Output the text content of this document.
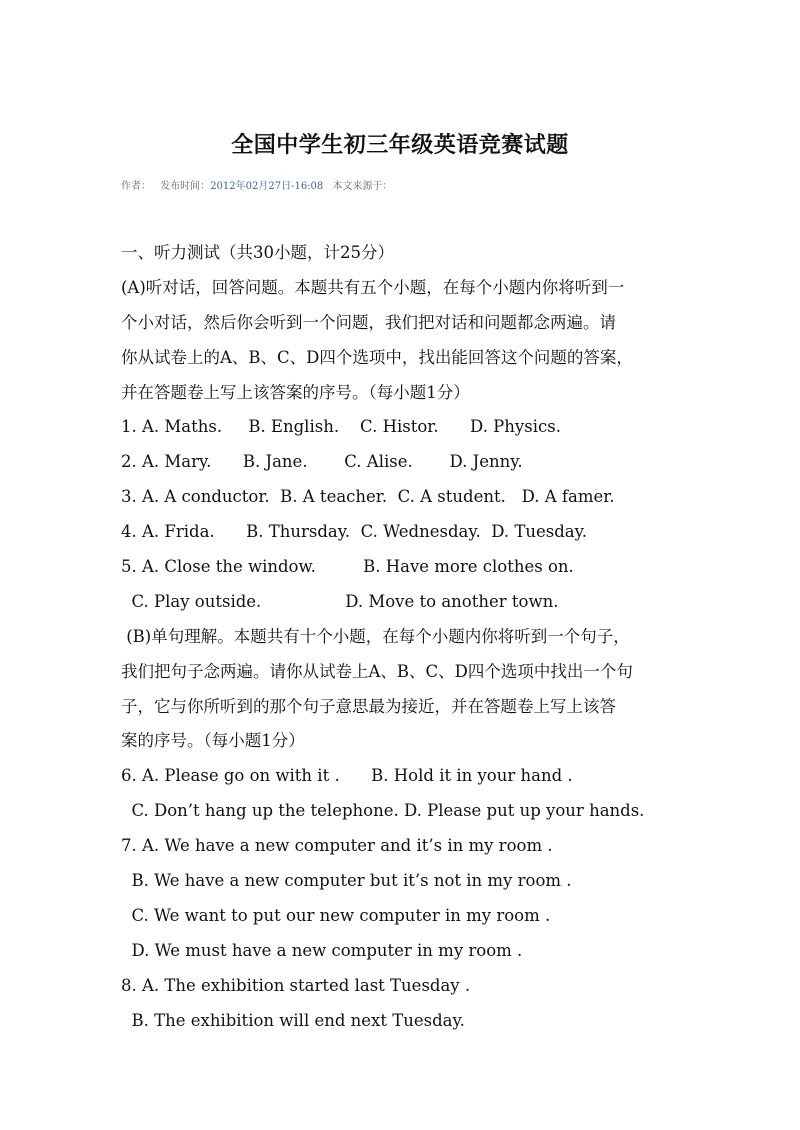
全国中学生初三年级英语竞赛试题
作者： 发布时间：2012年02月27日-16:08 本文来源于：
一、听力测试（共30小题，计25分）
(A)听对话，回答问题。本题共有五个小题，在每个小题内你将听到一
个小对话，然后你会听到一个问题，我们把对话和问题都念两遍。请
你从试卷上的A、B、C、D四个选项中，找出能回答这个问题的答案，
并在答题卷上写上该答案的序号。（每小题1分）
1. A. Maths.     B. English.    C. Histor.      D. Physics.
2. A. Mary.      B. Jane.       C. Alise.       D. Jenny.
3. A. A conductor.  B. A teacher.  C. A student.   D. A famer.
4. A. Frida.      B. Thursday.  C. Wednesday.  D. Tuesday.
5. A. Close the window.         B. Have more clothes on.
C. Play outside.                D. Move to another town.
(B)单句理解。本题共有十个小题，在每个小题内你将听到一个句子，
我们把句子念两遍。请你从试卷上A、B、C、D四个选项中找出一个句
子，它与你所听到的那个句子意思最为接近，并在答题卷上写上该答
案的序号。（每小题1分）
6. A. Please go on with it .      B. Hold it in your hand .
C. Don’t hang up the telephone. D. Please put up your hands.
7. A. We have a new computer and it’s in my room .
B. We have a new computer but it’s not in my room .
C. We want to put our new computer in my room .
D. We must have a new computer in my room .
8. A. The exhibition started last Tuesday .
B. The exhibition will end next Tuesday.
